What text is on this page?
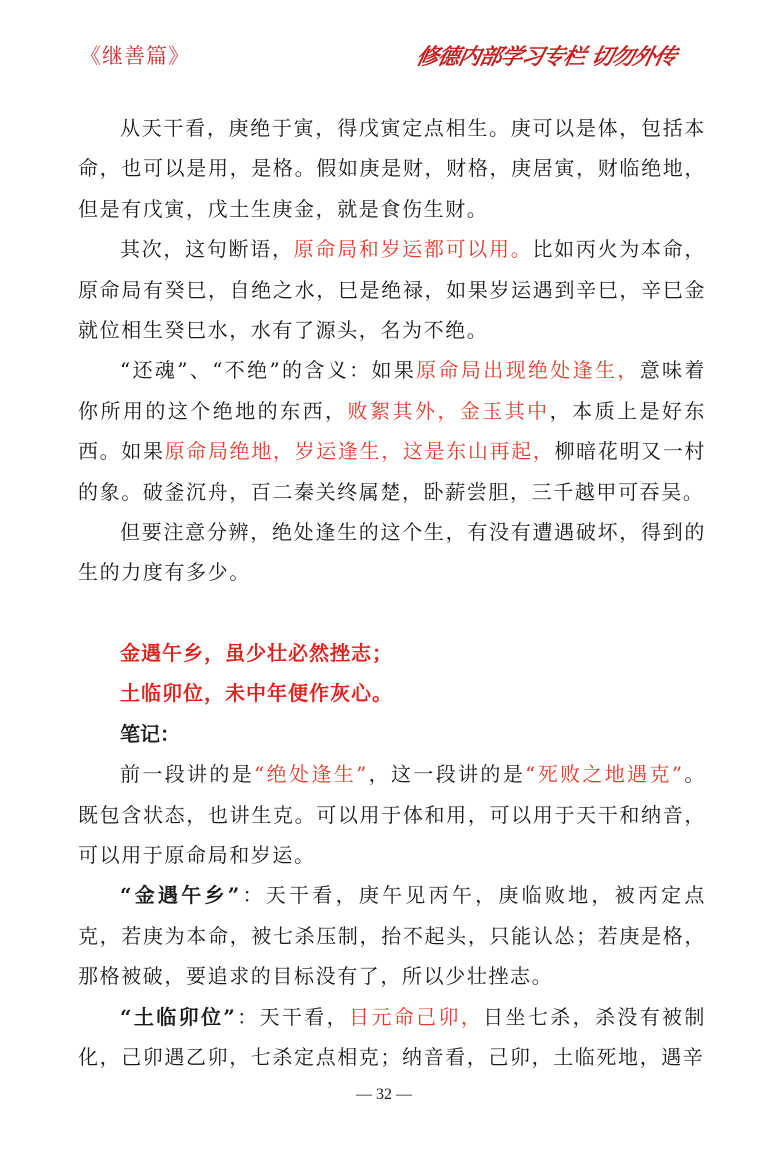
《继善篇》	修德内部学习专栏 切勿外传

从天干看，庚绝于寅，得戊寅定点相生。庚可以是体，包括本命，也可以是用，是格。假如庚是财，财格，庚居寅，财临绝地，但是有戊寅，戊土生庚金，就是食伤生财。

其次，这句断语，原命局和岁运都可以用。比如丙火为本命，原命局有癸巳，自绝之水，巳是绝禄，如果岁运遇到辛巳，辛巳金就位相生癸巳水，水有了源头，名为不绝。

“还魂”、“不绝”的含义：如果原命局出现绝处逢生，意味着你所用的这个绝地的东西，败絮其外，金玉其中，本质上是好东西。如果原命局绝地，岁运逢生，这是东山再起，柳暗花明又一村的象。破釜沉舟，百二秦关终属楚，卧薪尝胆，三千越甲可吞吴。

但要注意分辨，绝处逢生的这个生，有没有遭遇破坏，得到的生的力度有多少。

金遇午乡，虽少壮必然挫志；

土临卯位，未中年便作灰心。

笔记：

前一段讲的是“绝处逢生”，这一段讲的是“死败之地遇克”。既包含状态，也讲生克。可以用于体和用，可以用于天干和纳音，可以用于原命局和岁运。

“金遇午乡”：天干看，庚午见丙午，庚临败地，被丙定点克，若庚为本命，被七杀压制，抬不起头，只能认怂；若庚是格，那格被破，要追求的目标没有了，所以少壮挫志。

“土临卯位”：天干看，日元命己卯，日坐七杀，杀没有被制化，己卯遇乙卯，七杀定点相克；纳音看，己卯，土临死地，遇辛

— 32 —
